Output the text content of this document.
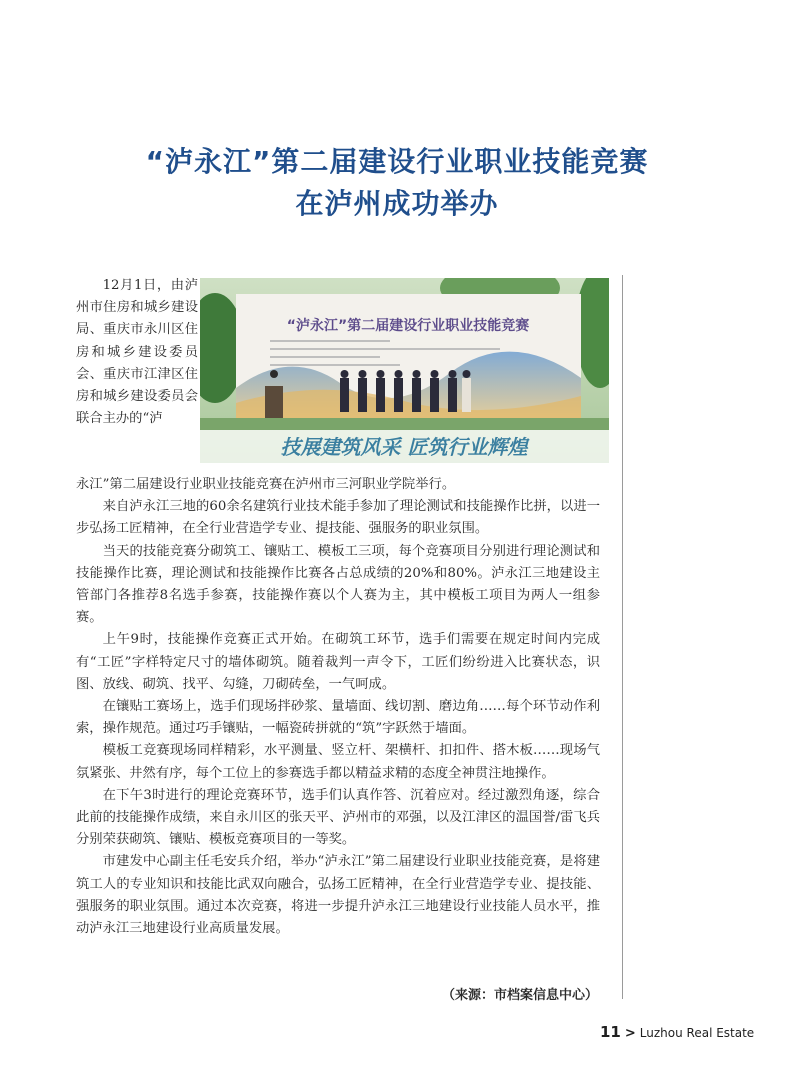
“泸永江”第二届建设行业职业技能竞赛
在泸州成功举办

12月1日，由泸州市住房和城乡建设局、重庆市永川区住房和城乡建设委员会、重庆市江津区住房和城乡建设委员会联合主办的“泸

“泸永江”第二届建设行业职业技能竞赛
技展建筑风采 匠筑行业辉煌

永江”第二届建设行业职业技能竞赛在泸州市三河职业学院举行。

来自泸永江三地的60余名建筑行业技术能手参加了理论测试和技能操作比拼，以进一步弘扬工匠精神，在全行业营造学专业、提技能、强服务的职业氛围。

当天的技能竞赛分砌筑工、镶贴工、模板工三项，每个竞赛项目分别进行理论测试和技能操作比赛，理论测试和技能操作比赛各占总成绩的20%和80%。泸永江三地建设主管部门各推荐8名选手参赛，技能操作赛以个人赛为主，其中模板工项目为两人一组参赛。

上午9时，技能操作竞赛正式开始。在砌筑工环节，选手们需要在规定时间内完成有“工匠”字样特定尺寸的墙体砌筑。随着裁判一声令下，工匠们纷纷进入比赛状态，识图、放线、砌筑、找平、勾缝，刀砌砖垒，一气呵成。

在镶贴工赛场上，选手们现场拌砂浆、量墙面、线切割、磨边角……每个环节动作利索，操作规范。通过巧手镶贴，一幅瓷砖拼就的“筑”字跃然于墙面。

模板工竞赛现场同样精彩，水平测量、竖立杆、架横杆、扣扣件、搭木板……现场气氛紧张、井然有序，每个工位上的参赛选手都以精益求精的态度全神贯注地操作。

在下午3时进行的理论竞赛环节，选手们认真作答、沉着应对。经过激烈角逐，综合此前的技能操作成绩，来自永川区的张天平、泸州市的邓强，以及江津区的温国誉/雷飞兵分别荣获砌筑、镶贴、模板竞赛项目的一等奖。

市建发中心副主任毛安兵介绍，举办“泸永江”第二届建设行业职业技能竞赛，是将建筑工人的专业知识和技能比武双向融合，弘扬工匠精神，在全行业营造学专业、提技能、强服务的职业氛围。通过本次竞赛，将进一步提升泸永江三地建设行业技能人员水平，推动泸永江三地建设行业高质量发展。

（来源：市档案信息中心）
11 > Luzhou Real Estate
